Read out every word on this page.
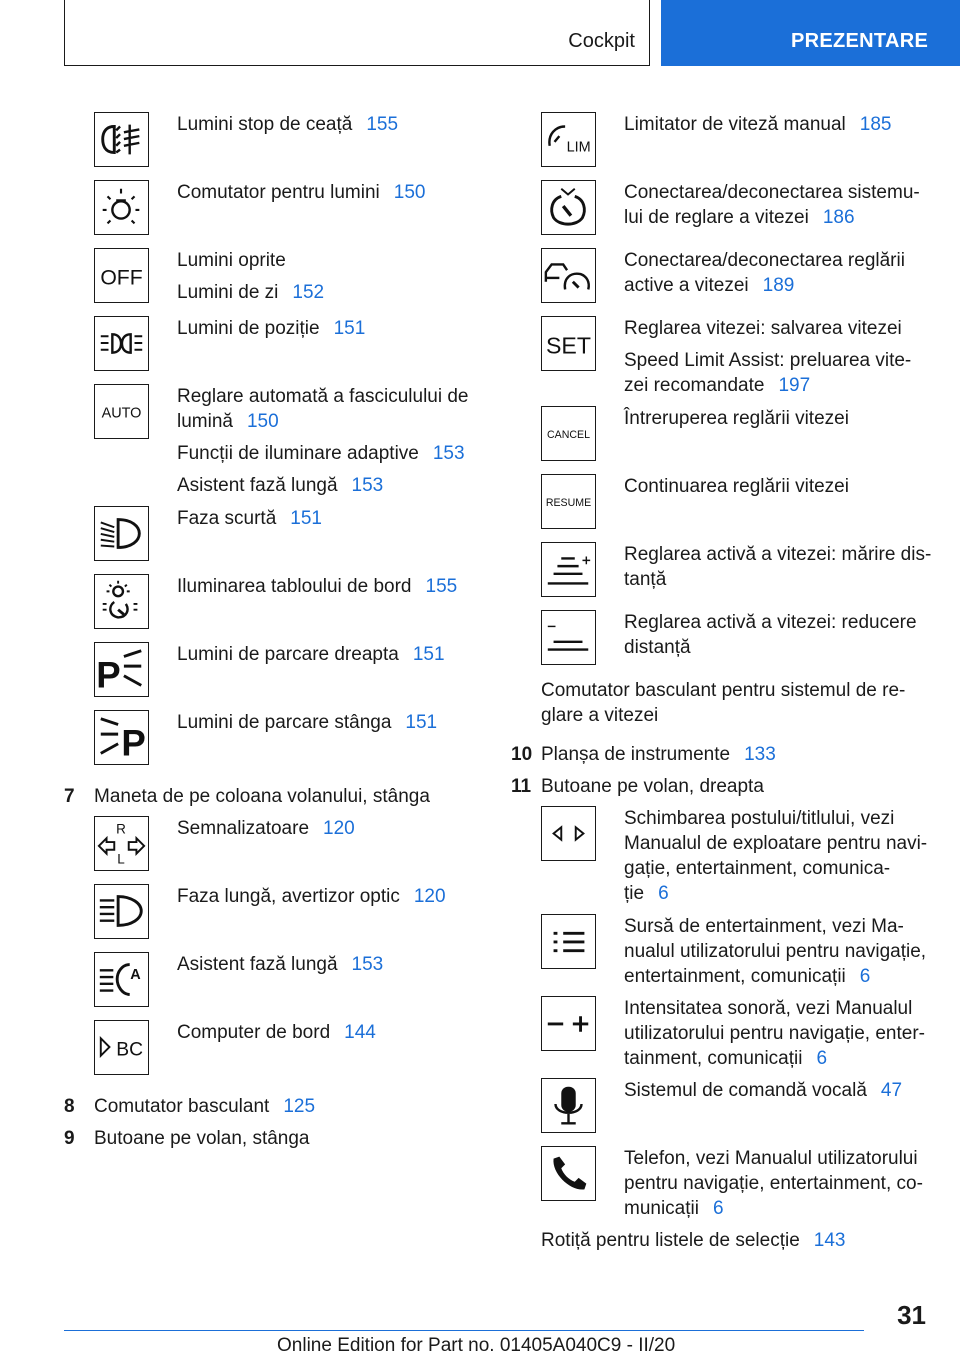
Cockpit	PREZENTARE

Lumini stop de ceață 155

Comutator pentru lumini 150

OFF

Lumini oprite

Lumini de zi 152

Lumini de poziție 151

AUTO

Reglare automată a fasciculului de lumină 150

Funcții de iluminare adaptive 153

Asistent fază lungă 153

Faza scurtă 151

Iluminarea tabloului de bord 155

P	Lumini de parcare dreapta 151

P Lumini de parcare stânga 151

7 Maneta de pe coloana volanului, stânga
R
L

Semnalizatoare 120

Faza lungă, avertizor optic 120

A

Asistent fază lungă 153

BC

Computer de bord 144

8 Comutator basculant 125
9 Butoane pe volan, stânga
LIM

Limitator de viteză manual 185

Conectarea/deconectarea sistemu-lui de reglare a vitezei 186

Conectarea/deconectarea reglării active a vitezei 189

SET

Reglarea vitezei: salvarea vitezei

Speed Limit Assist: preluarea vite-zei recomandate 197

CANCEL

Întreruperea reglării vitezei

RESUME

Continuarea reglării vitezei

Reglarea activă a vitezei: mărire dis-tanță

Reglarea activă a vitezei: reducere distanță

Comutator basculant pentru sistemul de re-glare a vitezei
10 Planșa de instrumente 133
11 Butoane pe volan, dreapta

Schimbarea postului/titlului, vezi Manualul de exploatare pentru navi-gație, entertainment, comunica-ție 6

Sursă de entertainment, vezi Ma-nualul utilizatorului pentru navigație, entertainment, comunicații 6

Intensitatea sonoră, vezi Manualul utilizatorului pentru navigație, enter-tainment, comunicații 6

Sistemul de comandă vocală 47

Telefon, vezi Manualul utilizatorului pentru navigație, entertainment, co-municații 6

Rotiță pentru listele de selecție 143
31
Online Edition for Part no. 01405A040C9 - II/20
